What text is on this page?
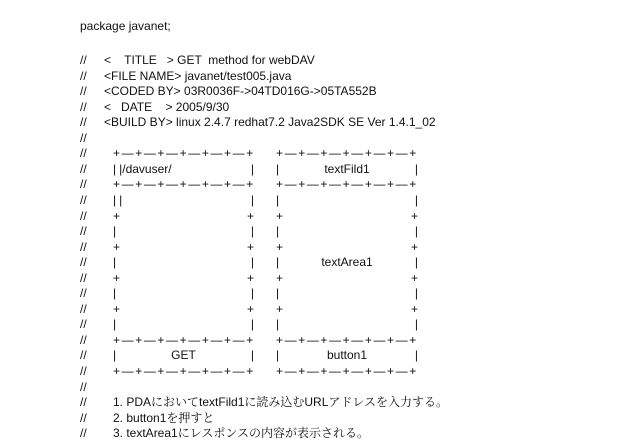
package javanet;
// <    TITLE   > GET  method for webDAV
// <FILE NAME> javanet/test005.java
// <CODED BY> 03R0036F->04TD016G->05TA552B
// <   DATE    > 2005/9/30
// <BUILD BY> linux 2.4.7 redhat7.2 Java2SDK SE Ver 1.4.1_02
//
// +—+—+—+—+—+—+ +—+—+—+—+—+—+
// | |/davuser/	| |	textFild1	|
// +—+—+—+—+—+—+ +—+—+—+—+—+—+
// | |	| |	|
// +	+ +	+
// |	| |	|
// +	+ +	+
// |	| |	textArea1	|
// +	+ +	+
// |	| |	|
// +	+ +	+
// |	| |	|
// +—+—+—+—+—+—+ +—+—+—+—+—+—+
// |	GET	| |	button1	|
// +—+—+—+—+—+—+ +—+—+—+—+—+—+
//
// 1. PDAにおいてtextFild1に読み込むURLアドレスを入力する。
// 2. button1を押すと
// 3. textArea1にレスポンスの内容が表示される。
